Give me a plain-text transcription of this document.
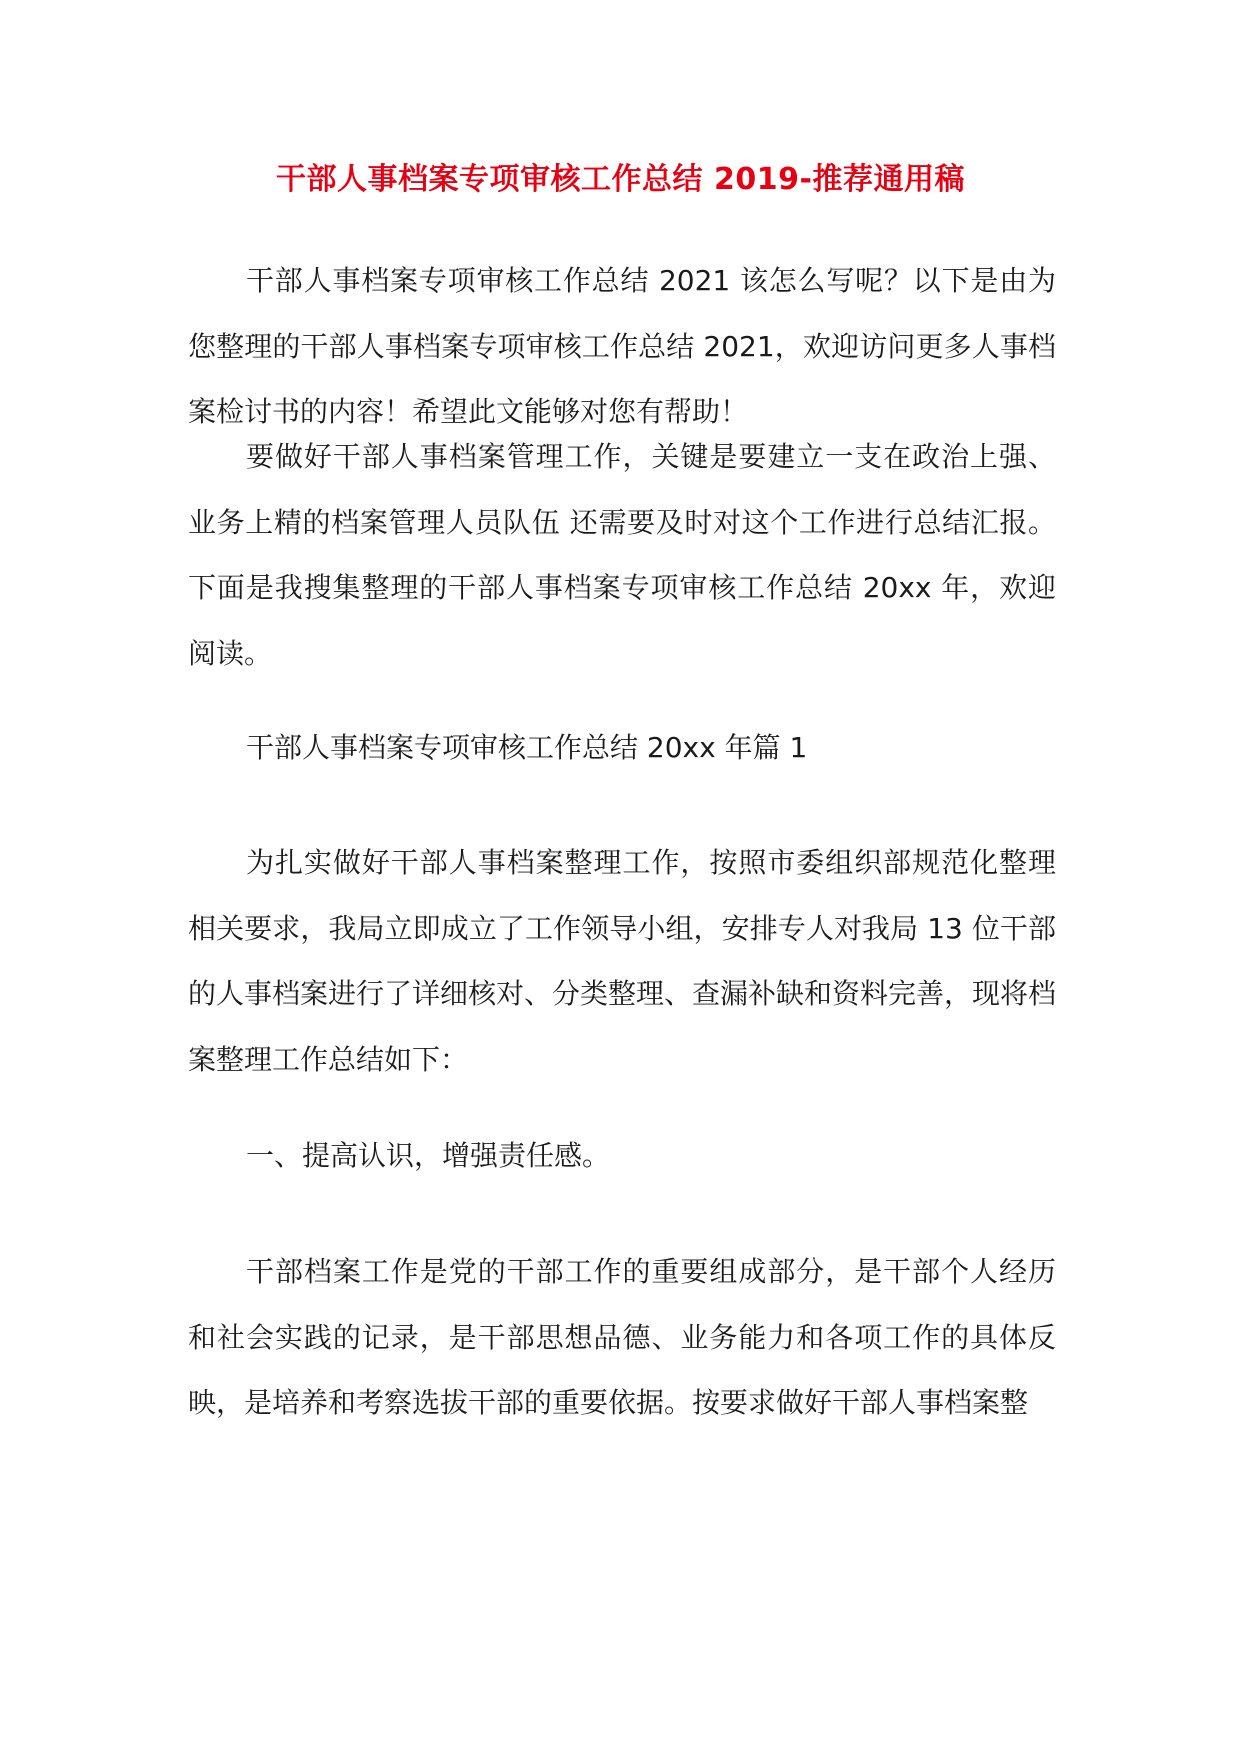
干部人事档案专项审核工作总结 2019-推荐通用稿

干部人事档案专项审核工作总结 2021 该怎么写呢？以下是由为您整理的干部人事档案专项审核工作总结 2021，欢迎访问更多人事档案检讨书的内容！希望此文能够对您有帮助！

要做好干部人事档案管理工作，关键是要建立一支在政治上强、业务上精的档案管理人员队伍 还需要及时对这个工作进行总结汇报。下面是我搜集整理的干部人事档案专项审核工作总结 20xx 年，欢迎阅读。

干部人事档案专项审核工作总结 20xx 年篇 1

为扎实做好干部人事档案整理工作，按照市委组织部规范化整理相关要求，我局立即成立了工作领导小组，安排专人对我局 13 位干部的人事档案进行了详细核对、分类整理、查漏补缺和资料完善，现将档案整理工作总结如下：

一、提高认识，增强责任感。

干部档案工作是党的干部工作的重要组成部分，是干部个人经历和社会实践的记录，是干部思想品德、业务能力和各项工作的具体反映，是培养和考察选拔干部的重要依据。按要求做好干部人事档案整
